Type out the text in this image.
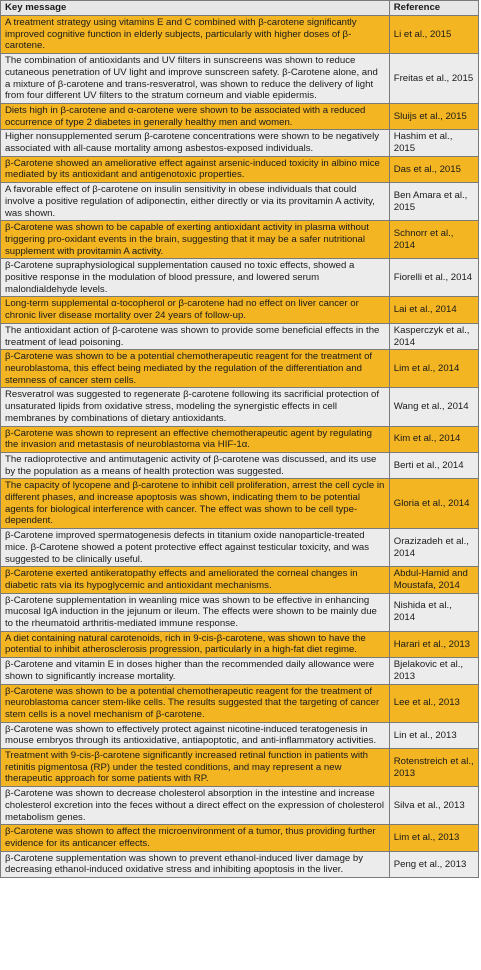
Key message	Reference
A treatment strategy using vitamins E and C combined with β-carotene significantly improved cognitive function in elderly subjects, particularly with higher doses of β-carotene.	Li et al., 2015
The combination of antioxidants and UV filters in sunscreens was shown to reduce cutaneous penetration of UV light and improve sunscreen safety. β-Carotene alone, and a mixture of β-carotene and trans-resveratrol, was shown to reduce the delivery of light from four different UV filters to the stratum corneum and viable epidermis.	Freitas et al., 2015
Diets high in β-carotene and α-carotene were shown to be associated with a reduced occurrence of type 2 diabetes in generally healthy men and women.	Sluijs et al., 2015
Higher nonsupplemented serum β-carotene concentrations were shown to be negatively associated with all-cause mortality among asbestos-exposed individuals.	Hashim et al., 2015
β-Carotene showed an ameliorative effect against arsenic-induced toxicity in albino mice mediated by its antioxidant and antigenotoxic properties.	Das et al., 2015
A favorable effect of β-carotene on insulin sensitivity in obese individuals that could involve a positive regulation of adiponectin, either directly or via its provitamin A activity, was shown.	Ben Amara et al., 2015
β-Carotene was shown to be capable of exerting antioxidant activity in plasma without triggering pro-oxidant events in the brain, suggesting that it may be a safer nutritional supplement with provitamin A activity.	Schnorr et al., 2014
β-Carotene supraphysiological supplementation caused no toxic effects, showed a positive response in the modulation of blood pressure, and lowered serum malondialdehyde levels.	Fiorelli et al., 2014
Long-term supplemental α-tocopherol or β-carotene had no effect on liver cancer or chronic liver disease mortality over 24 years of follow-up.	Lai et al., 2014
The antioxidant action of β-carotene was shown to provide some beneficial effects in the treatment of lead poisoning.	Kasperczyk et al., 2014
β-Carotene was shown to be a potential chemotherapeutic reagent for the treatment of neuroblastoma, this effect being mediated by the regulation of the differentiation and stemness of cancer stem cells.	Lim et al., 2014
Resveratrol was suggested to regenerate β-carotene following its sacrificial protection of unsaturated lipids from oxidative stress, modeling the synergistic effects in cell membranes by combinations of dietary antioxidants.	Wang et al., 2014
β-Carotene was shown to represent an effective chemotherapeutic agent by regulating the invasion and metastasis of neuroblastoma via HIF-1α.	Kim et al., 2014
The radioprotective and antimutagenic activity of β-carotene was discussed, and its use by the population as a means of health protection was suggested.	Berti et al., 2014
The capacity of lycopene and β-carotene to inhibit cell proliferation, arrest the cell cycle in different phases, and increase apoptosis was shown, indicating them to be potential agents for biological interference with cancer. The effect was shown to be cell type-dependent.	Gloria et al., 2014
β-Carotene improved spermatogenesis defects in titanium oxide nanoparticle-treated mice. β-Carotene showed a potent protective effect against testicular toxicity, and was suggested to be clinically useful.	Orazizadeh et al., 2014
β-Carotene exerted antikeratopathy effects and ameliorated the corneal changes in diabetic rats via its hypoglycemic and antioxidant mechanisms.	Abdul-Hamid and Moustafa, 2014
β-Carotene supplementation in weanling mice was shown to be effective in enhancing mucosal IgA induction in the jejunum or ileum. The effects were shown to be mainly due to the rheumatoid arthritis-mediated immune response.	Nishida et al., 2014
A diet containing natural carotenoids, rich in 9-cis-β-carotene, was shown to have the potential to inhibit atherosclerosis progression, particularly in a high-fat diet regime.	Harari et al., 2013
β-Carotene and vitamin E in doses higher than the recommended daily allowance were shown to significantly increase mortality.	Bjelakovic et al., 2013
β-Carotene was shown to be a potential chemotherapeutic reagent for the treatment of neuroblastoma cancer stem-like cells. The results suggested that the targeting of cancer stem cells is a novel mechanism of β-carotene.	Lee et al., 2013
β-Carotene was shown to effectively protect against nicotine-induced teratogenesis in mouse embryos through its antioxidative, antiapoptotic, and anti-inflammatory activities.	Lin et al., 2013
Treatment with 9-cis-β-carotene significantly increased retinal function in patients with retinitis pigmentosa (RP) under the tested conditions, and may represent a new therapeutic approach for some patients with RP.	Rotenstreich et al., 2013
β-Carotene was shown to decrease cholesterol absorption in the intestine and increase cholesterol excretion into the feces without a direct effect on the expression of cholesterol metabolism genes.	Silva et al., 2013
β-Carotene was shown to affect the microenvironment of a tumor, thus providing further evidence for its anticancer effects.	Lim et al., 2013
β-Carotene supplementation was shown to prevent ethanol-induced liver damage by decreasing ethanol-induced oxidative stress and inhibiting apoptosis in the liver.	Peng et al., 2013
